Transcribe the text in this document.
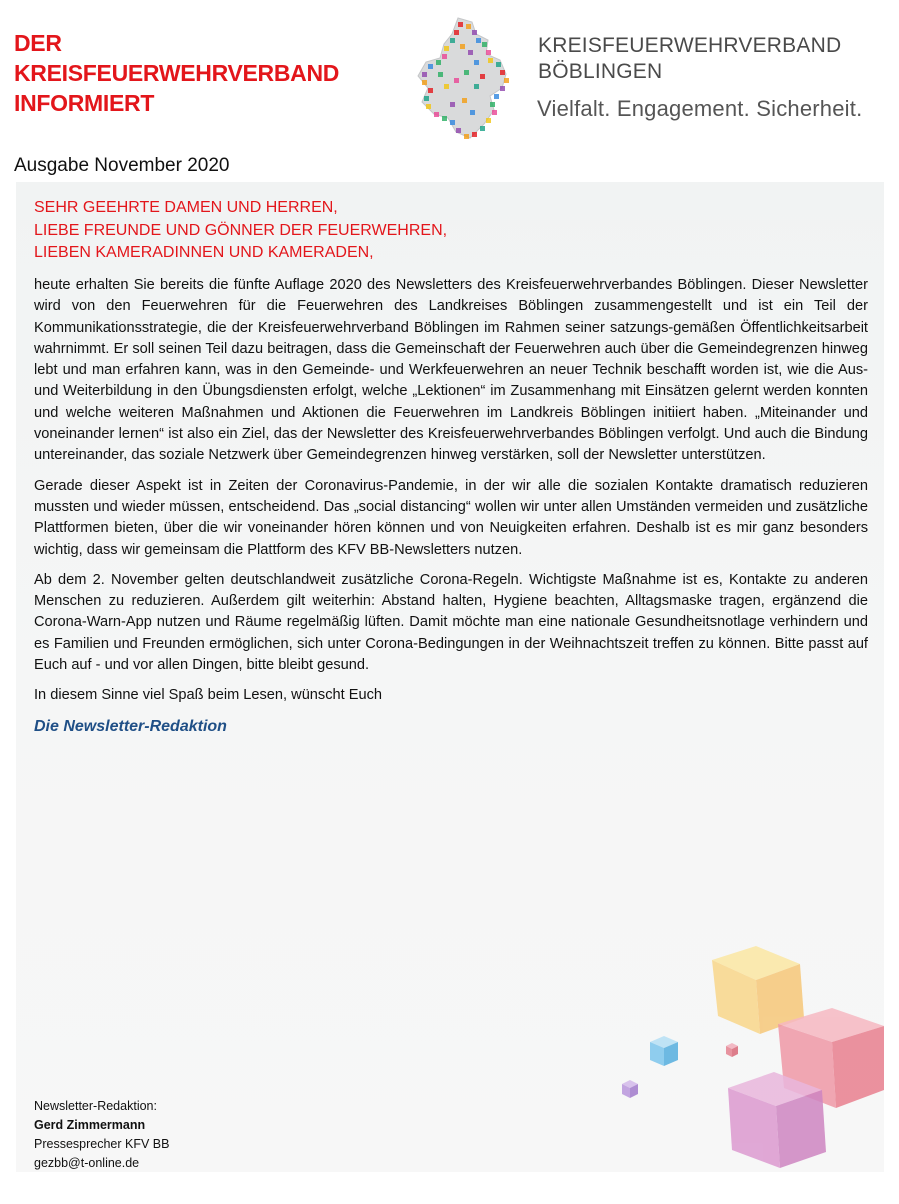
DER
KREISFEUERWEHRVERBAND
INFORMIERT
KREISFEUERWEHRVERBAND
BÖBLINGEN
Vielfalt. Engagement. Sicherheit.
Ausgabe November 2020
SEHR GEEHRTE DAMEN UND HERREN,
LIEBE FREUNDE UND GÖNNER DER FEUERWEHREN,
LIEBEN KAMERADINNEN UND KAMERADEN,

heute erhalten Sie bereits die fünfte Auflage 2020 des Newsletters des Kreisfeuerwehrverbandes Böblingen. Dieser Newsletter wird von den Feuerwehren für die Feuerwehren des Landkreises Böblingen zusammengestellt und ist ein Teil der Kommunikationsstrategie, die der Kreisfeuerwehrverband Böblingen im Rahmen seiner satzungs-gemäßen Öffentlichkeitsarbeit wahrnimmt. Er soll seinen Teil dazu beitragen, dass die Gemeinschaft der Feuerwehren auch über die Gemeindegrenzen hinweg lebt und man erfahren kann, was in den Gemeinde- und Werkfeuerwehren an neuer Technik beschafft worden ist, wie die Aus- und Weiterbildung in den Übungsdiensten erfolgt, welche „Lektionen“ im Zusammenhang mit Einsätzen gelernt werden konnten und welche weiteren Maßnahmen und Aktionen die Feuerwehren im Landkreis Böblingen initiiert haben. „Miteinander und voneinander lernen“ ist also ein Ziel, das der Newsletter des Kreisfeuerwehrverbandes Böblingen verfolgt. Und auch die Bindung untereinander, das soziale Netzwerk über Gemeindegrenzen hinweg verstärken, soll der Newsletter unterstützen.

Gerade dieser Aspekt ist in Zeiten der Coronavirus-Pandemie, in der wir alle die sozialen Kontakte dramatisch reduzieren mussten und wieder müssen, entscheidend. Das „social distancing“ wollen wir unter allen Umständen vermeiden und zusätzliche Plattformen bieten, über die wir voneinander hören können und von Neuigkeiten erfahren. Deshalb ist es mir ganz besonders wichtig, dass wir gemeinsam die Plattform des KFV BB-Newsletters nutzen.

Ab dem 2. November gelten deutschlandweit zusätzliche Corona-Regeln. Wichtigste Maßnahme ist es, Kontakte zu anderen Menschen zu reduzieren. Außerdem gilt weiterhin: Abstand halten, Hygiene beachten, Alltagsmaske tragen, ergänzend die Corona-Warn-App nutzen und Räume regelmäßig lüften. Damit möchte man eine nationale Gesundheitsnotlage verhindern und es Familien und Freunden ermöglichen, sich unter Corona-Bedingungen in der Weihnachtszeit treffen zu können. Bitte passt auf Euch auf - und vor allen Dingen, bitte bleibt gesund.

In diesem Sinne viel Spaß beim Lesen, wünscht Euch

Die Newsletter-Redaktion
Newsletter-Redaktion:
Gerd Zimmermann
Pressesprecher KFV BB
gezbb@t-online.de
